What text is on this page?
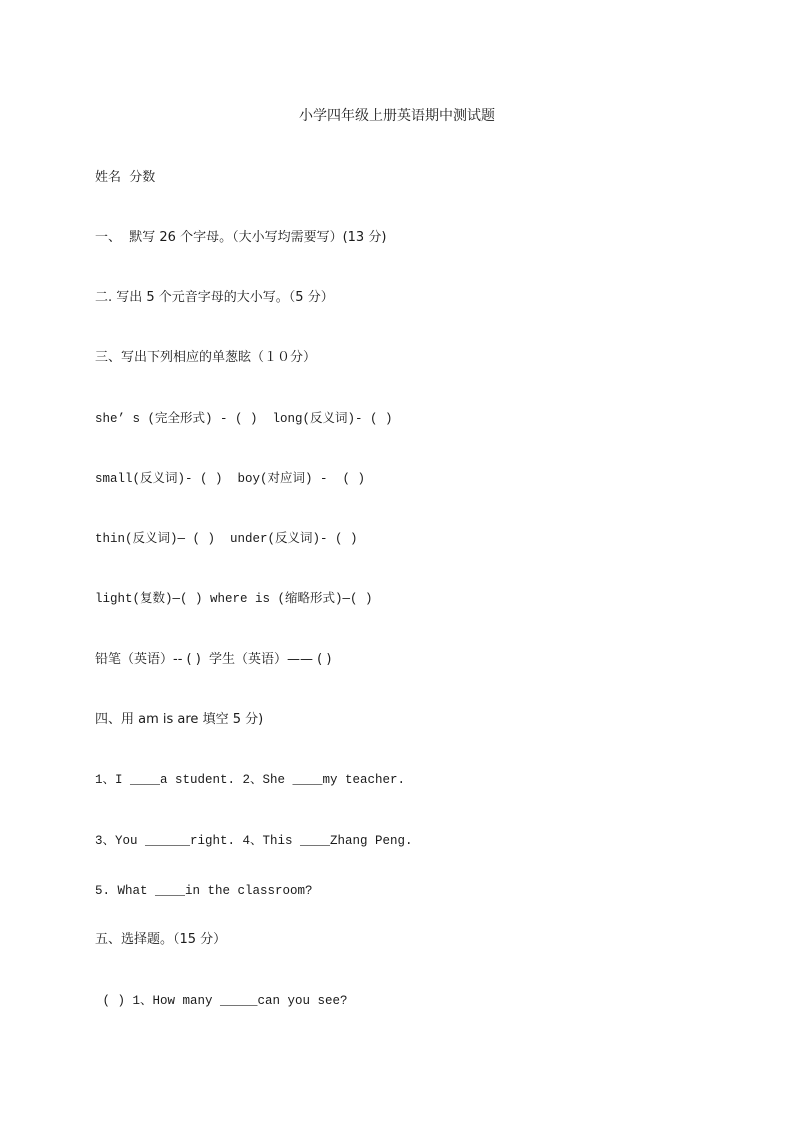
小学四年级上册英语期中测试题
姓名  分数
一、  默写 26 个字母。（大小写均需要写）(13 分)
二. 写出 5 个元音字母的大小写。（5 分）
三、写出下列相应的单葱眩（１０分）
she’ s (完全形式) - ( )  long(反义词)- ( )
small(反义词)- ( )  boy(对应词) -  ( )
thin(反义词)— ( )  under(反义词)- ( )
light(复数)—( ) where is (缩略形式)—( )
铅笔（英语）-- ( )  学生（英语）—— ( )
四、用 am is are 填空 5 分)
1、I ____a student. 2、She ____my teacher.
3、You ______right. 4、This ____Zhang Peng.
5. What ____in the classroom?
五、选择题。（15 分）
( ) 1、How many _____can you see?
